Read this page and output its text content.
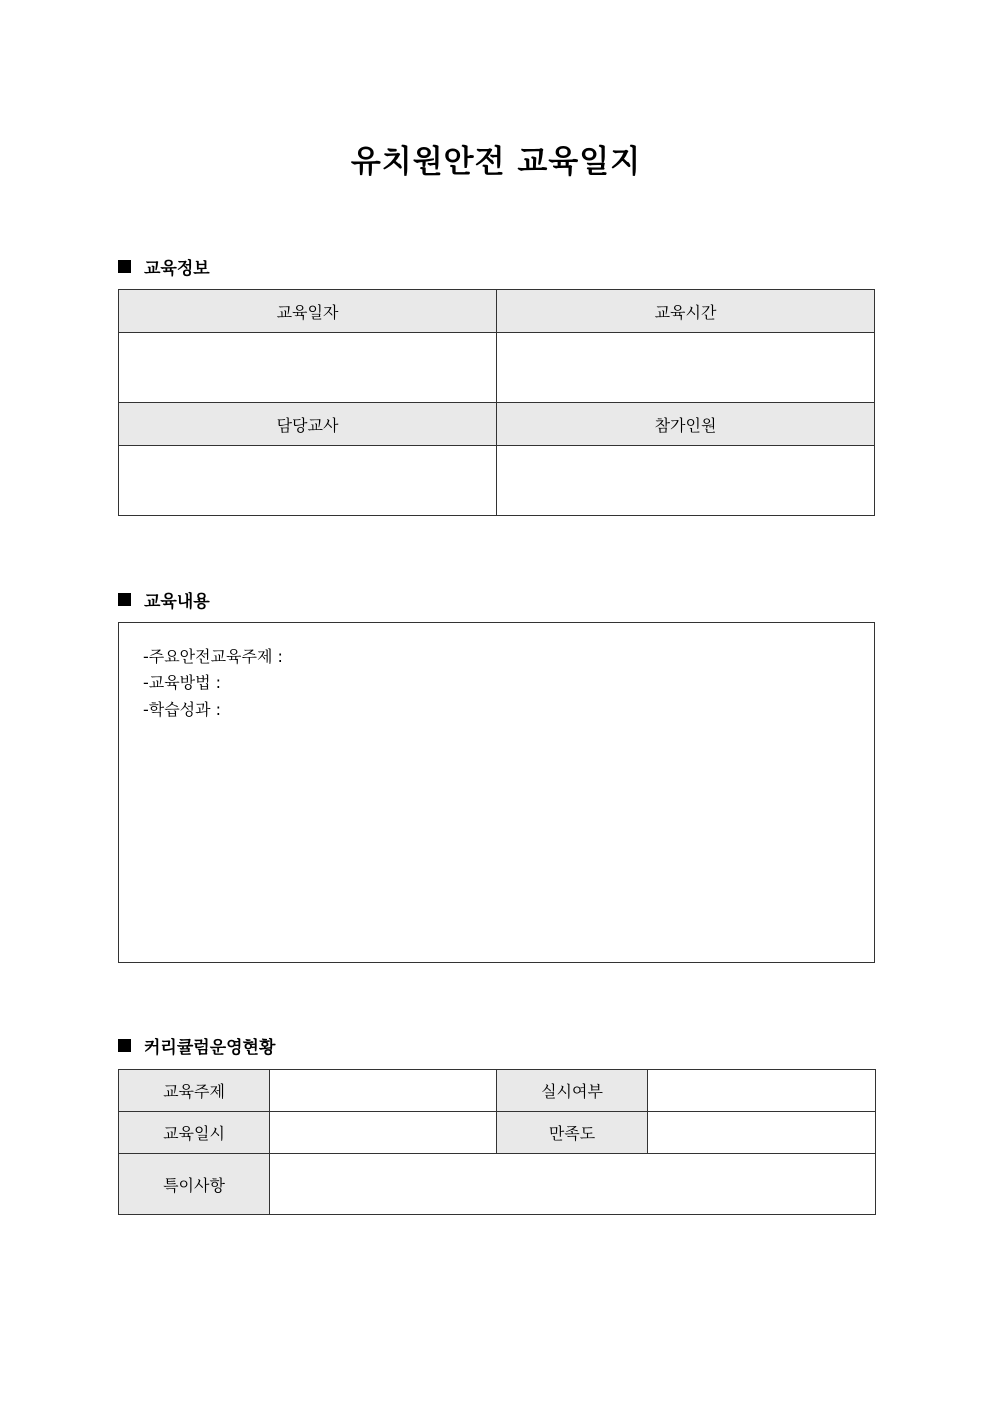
유치원안전 교육일지
교육정보
교육일자	교육시간

담당교사	참가인원

교육내용
-주요안전교육주제 :
-교육방법 :
-학습성과 :
커리큘럼운영현황
교육주제		실시여부	
교육일시		만족도	
특이사항			
